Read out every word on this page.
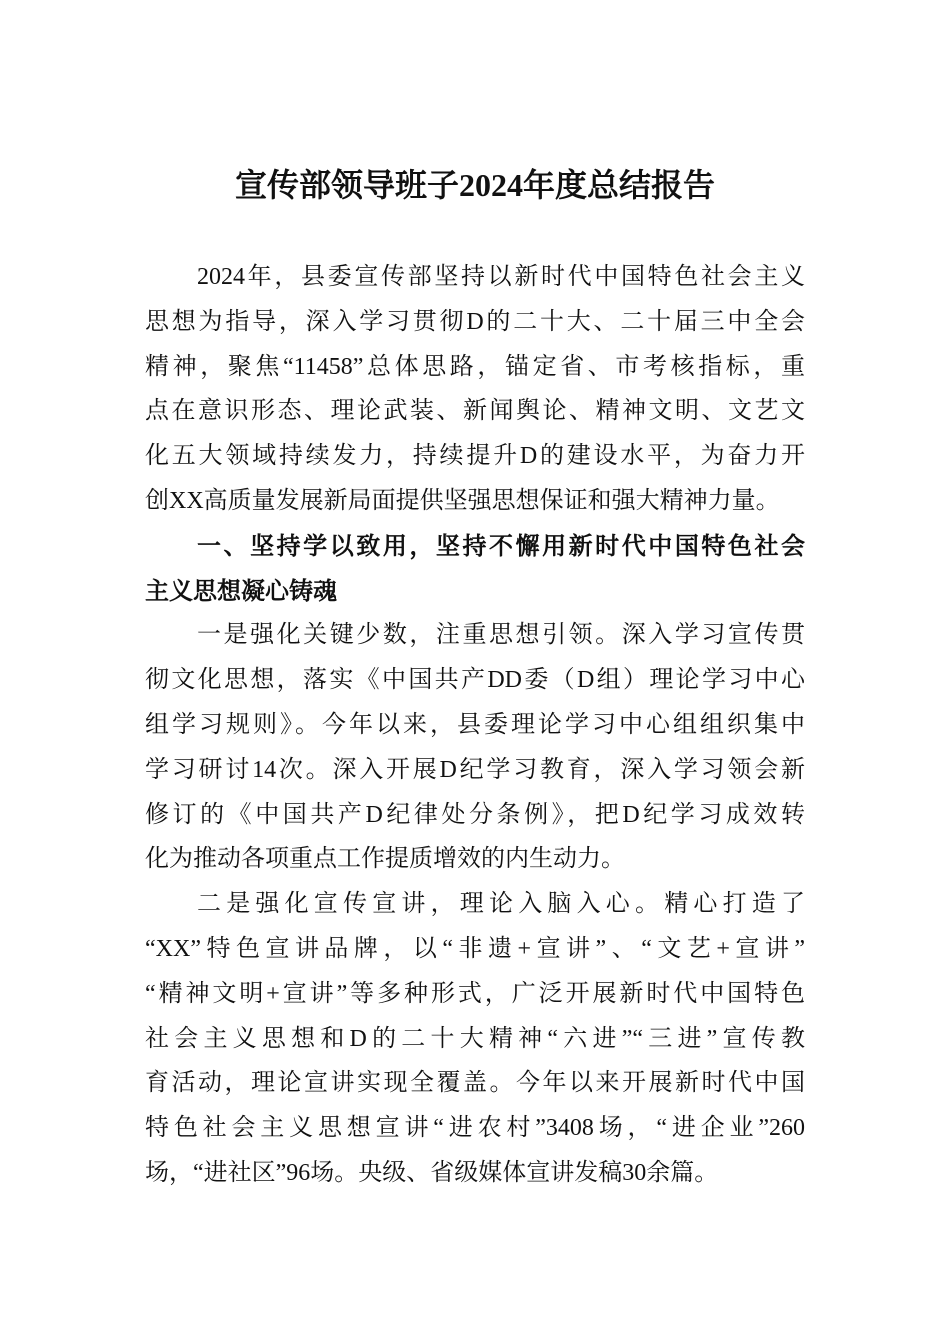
宣传部领导班子2024年度总结报告
2024年，县委宣传部坚持以新时代中国特色社会主义
思想为指导，深入学习贯彻D的二十大、二十届三中全会
精神，聚焦“11458”总体思路，锚定省、市考核指标，重
点在意识形态、理论武装、新闻舆论、精神文明、文艺文
化五大领域持续发力，持续提升D的建设水平，为奋力开
创XX高质量发展新局面提供坚强思想保证和强大精神力量。
一、坚持学以致用，坚持不懈用新时代中国特色社会
主义思想凝心铸魂
一是强化关键少数，注重思想引领。深入学习宣传贯
彻文化思想，落实《中国共产DD委（D组）理论学习中心
组学习规则》。今年以来，县委理论学习中心组组织集中
学习研讨14次。深入开展D纪学习教育，深入学习领会新
修订的《中国共产D纪律处分条例》，把D纪学习成效转
化为推动各项重点工作提质增效的内生动力。
二是强化宣传宣讲，理论入脑入心。精心打造了
“XX”特色宣讲品牌，以“非遗+宣讲”、“文艺+宣讲”
“精神文明+宣讲”等多种形式，广泛开展新时代中国特色
社会主义思想和D的二十大精神“六进”“三进”宣传教
育活动，理论宣讲实现全覆盖。今年以来开展新时代中国
特色社会主义思想宣讲“进农村”3408场，“进企业”260
场，“进社区”96场。央级、省级媒体宣讲发稿30余篇。
